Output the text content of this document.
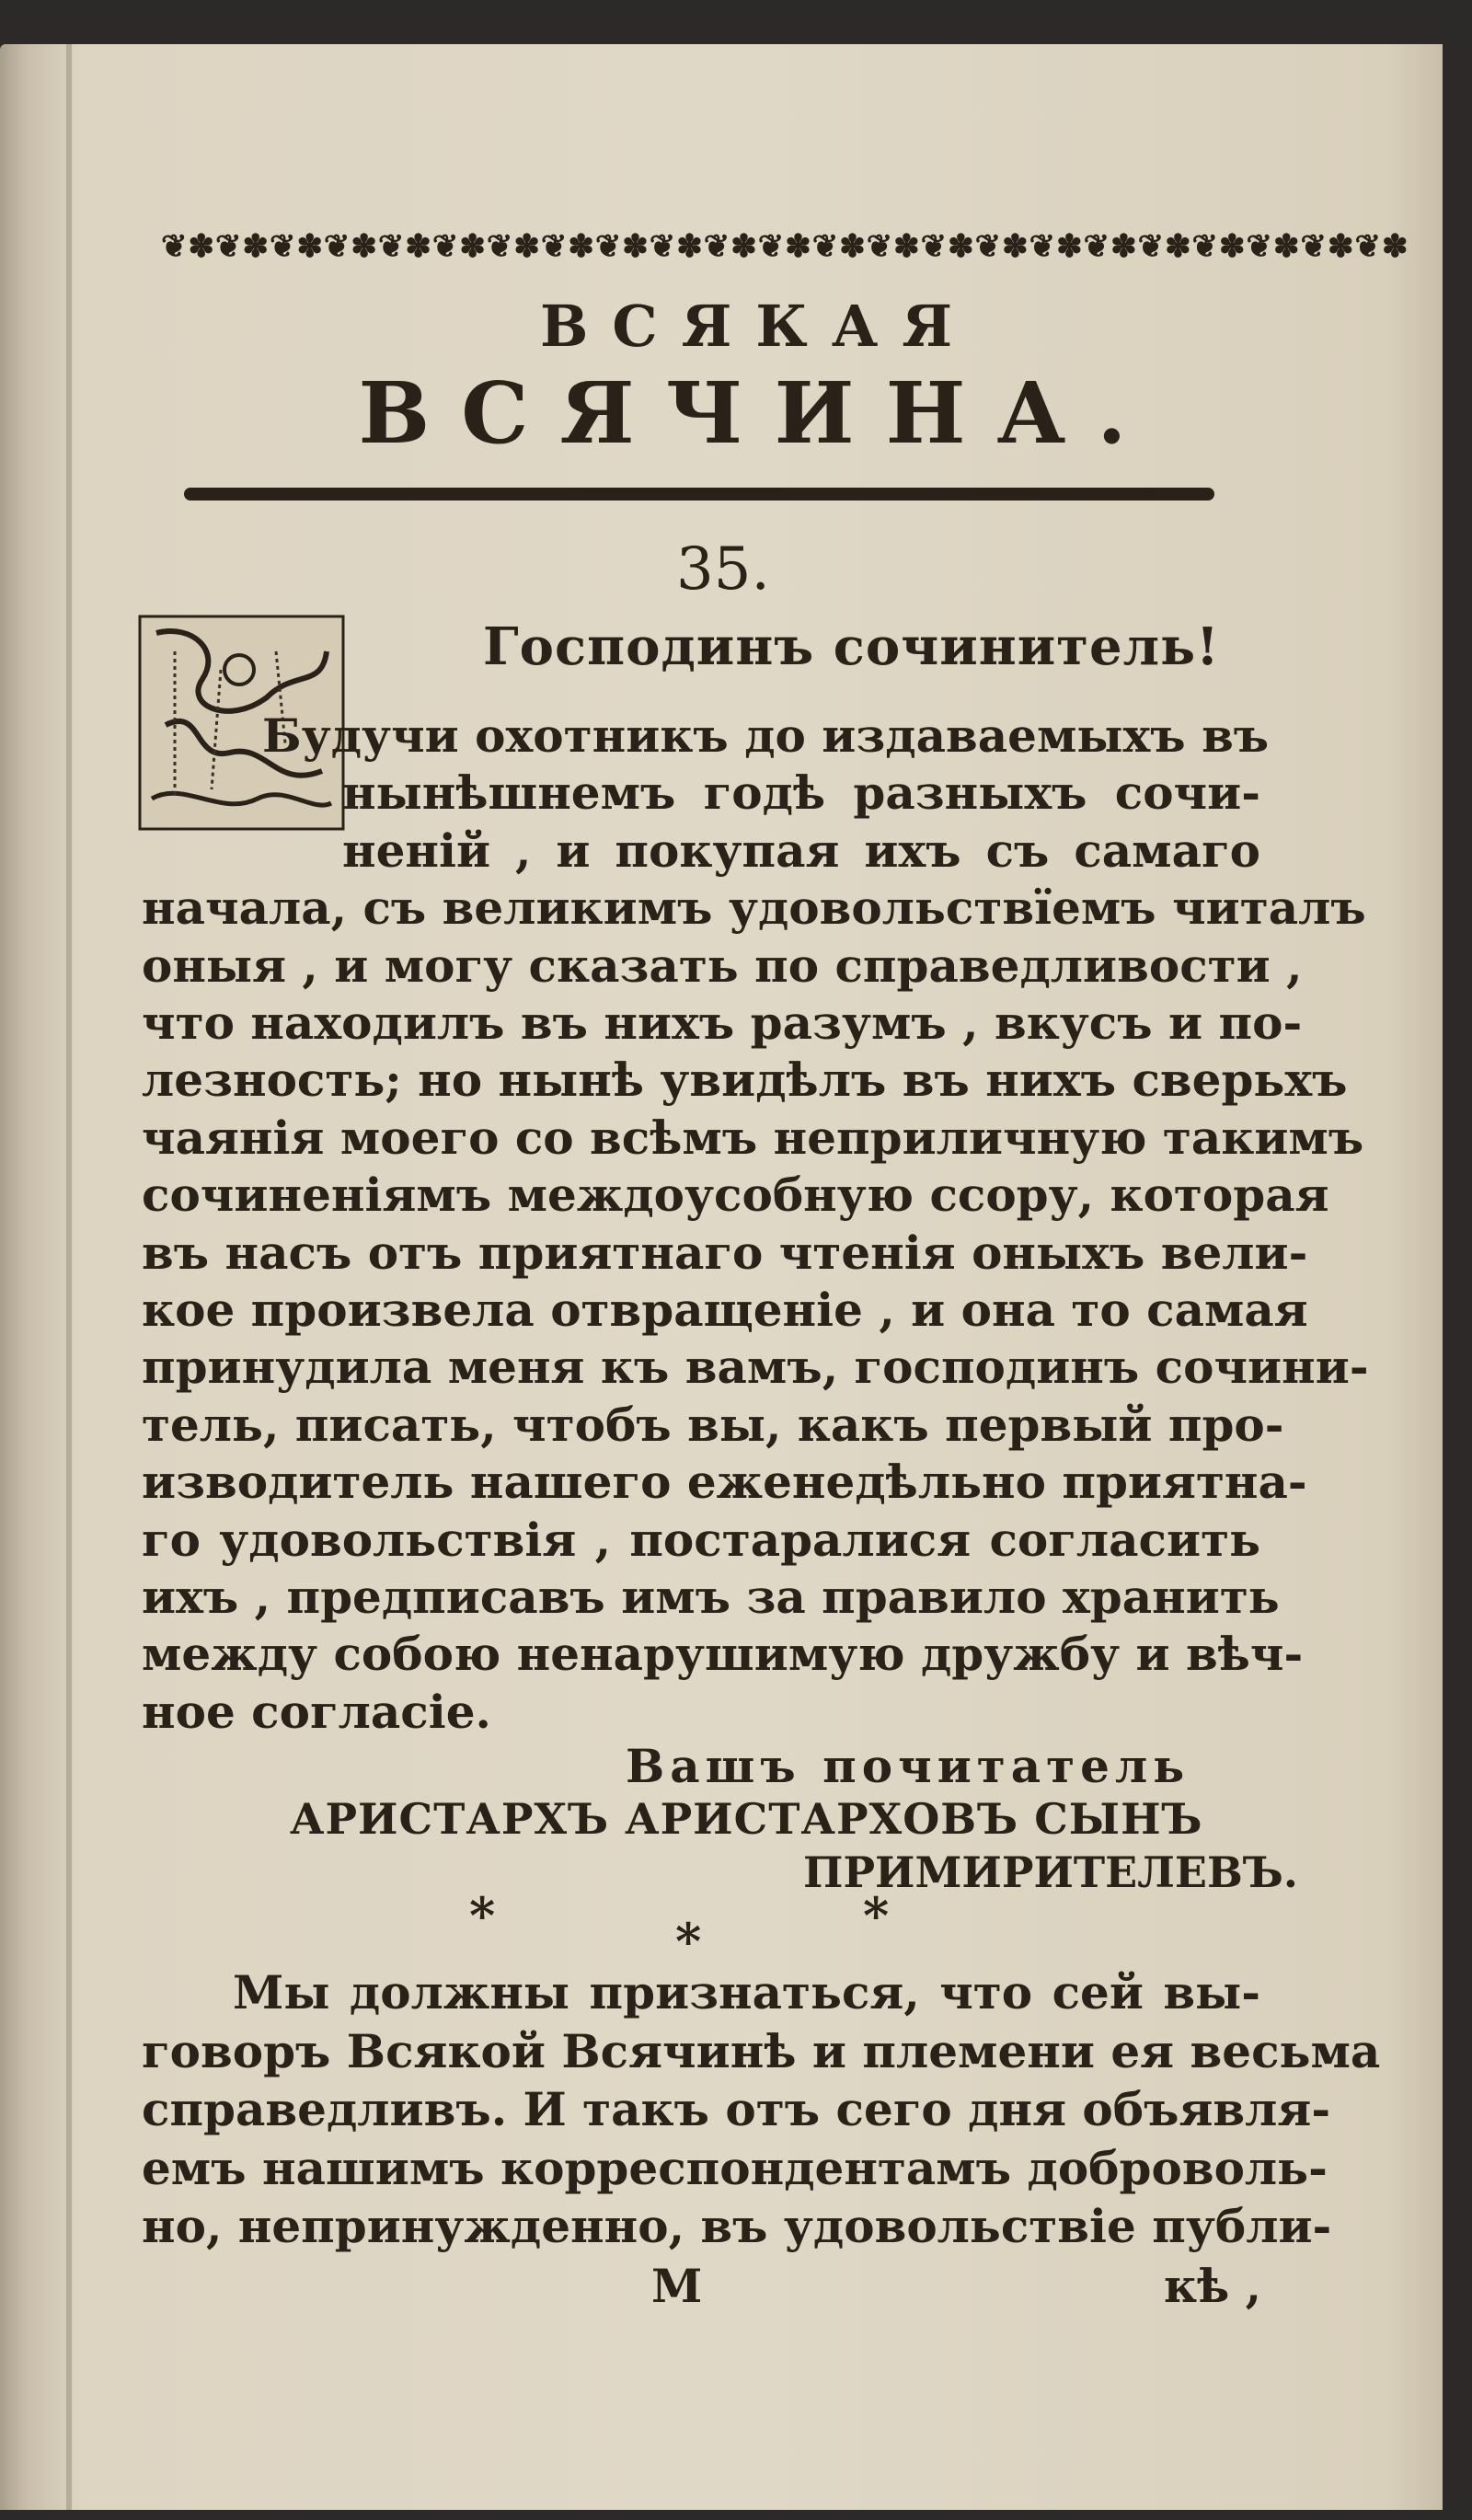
❦✽❦✽❦✽❦✽❦✽❦✽❦✽❦✽❦✽❦✽❦✽❦✽❦✽❦✽❦✽❦✽❦✽❦✽❦✽❦✽❦✽❦✽❦✽
ВСЯКАЯ
ВСЯЧИНА.
35.
Господинъ сочинитель!
Будучи охотникъ до издаваемыхъ въ
нынѣшнемъ годѣ разныхъ сочи-
неній , и покупая ихъ съ самаго
начала, съ великимъ удовольствїемъ читалъ
оныя , и могу сказать по справедливости ,
что находилъ въ нихъ разумъ , вкусъ и по-
лезность; но нынѣ увидѣлъ въ нихъ сверьхъ
чаянія моего со всѣмъ неприличную такимъ
сочиненіямъ междоусобную ссору, которая
въ насъ отъ приятнаго чтенія оныхъ вели-
кое произвела отвращеніе , и она то самая
принудила меня къ вамъ, господинъ сочини-
тель, писать, чтобъ вы, какъ первый про-
изводитель нашего еженедѣльно приятна-
го удовольствія , постаралися согласить
ихъ , предписавъ имъ за правило хранить
между собою ненарушимую дружбу и вѣч-
ное согласіе.
Вашъ почитатель
АРИСТАРХЪ АРИСТАРХОВЪ СЫНЪ
ПРИМИРИТЕЛЕВЪ.
*	*
*
Мы должны признаться, что сей вы-
говоръ Всякой Всячинѣ и племени ея весьма
справедливъ. И такъ отъ сего дня объявля-
емъ нашимъ корреспондентамъ доброволь-
но, непринужденно, въ удовольствіе публи-
М	кѣ ,
